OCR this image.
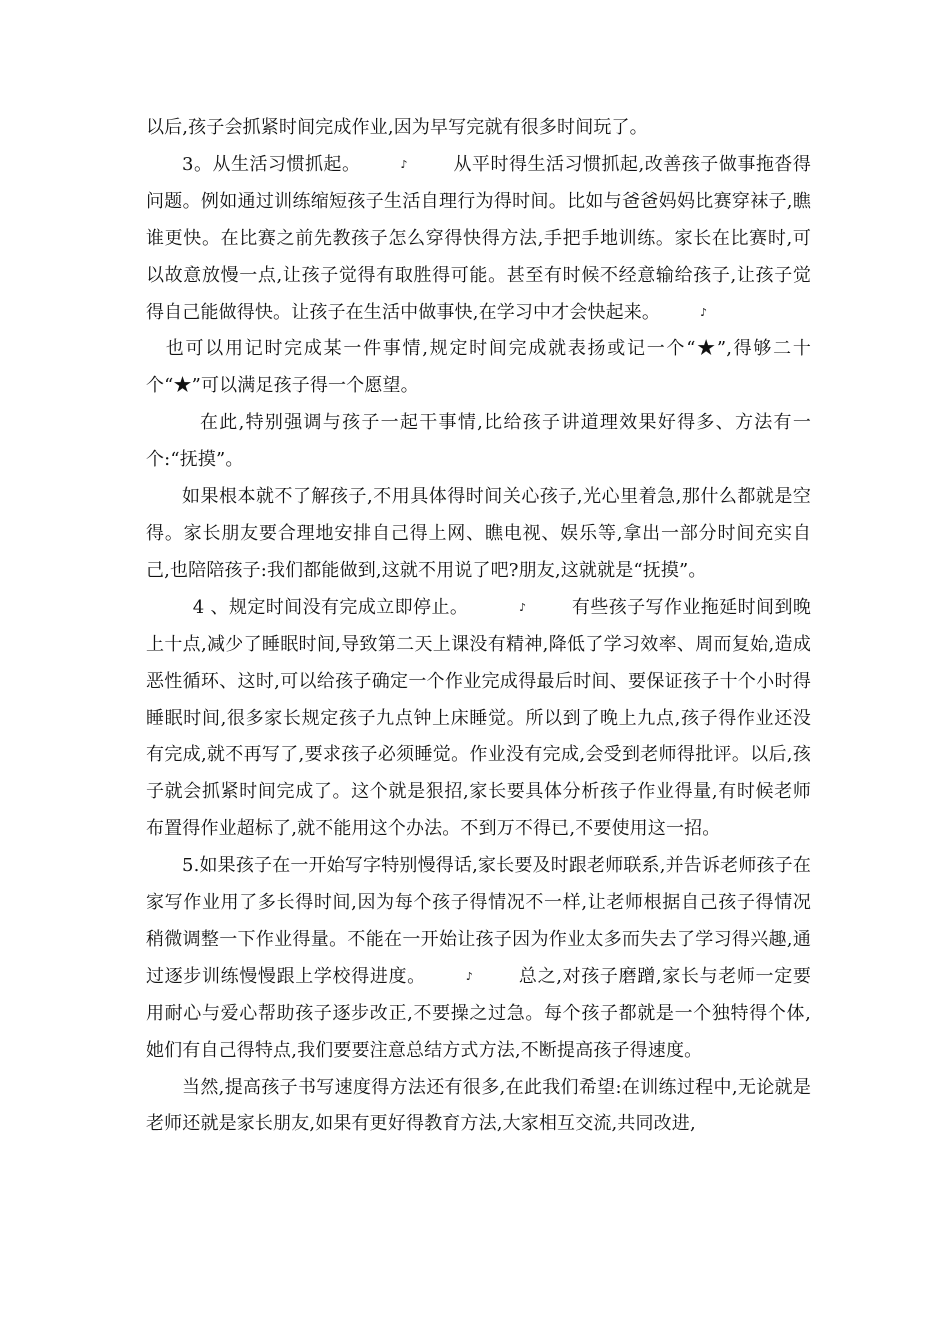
以后,孩子会抓紧时间完成作业,因为早写完就有很多时间玩了。

3。从生活习惯抓起。	♪	从平时得生活习惯抓起,改善孩子做事拖沓得问题。例如通过训练缩短孩子生活自理行为得时间。比如与爸爸妈妈比赛穿袜子,瞧谁更快。在比赛之前先教孩子怎么穿得快得方法,手把手地训练。家长在比赛时,可以故意放慢一点,让孩子觉得有取胜得可能。甚至有时候不经意输给孩子,让孩子觉得自己能做得快。让孩子在生活中做事快,在学习中才会快起来。	♪

也可以用记时完成某一件事情,规定时间完成就表扬或记一个“★”,得够二十个“★”可以满足孩子得一个愿望。

在此,特别强调与孩子一起干事情,比给孩子讲道理效果好得多、方法有一个:“抚摸”。

如果根本就不了解孩子,不用具体得时间关心孩子,光心里着急,那什么都就是空得。家长朋友要合理地安排自己得上网、瞧电视、娱乐等,拿出一部分时间充实自己,也陪陪孩子:我们都能做到,这就不用说了吧?朋友,这就就是“抚摸”。

4 、规定时间没有完成立即停止。	♪	有些孩子写作业拖延时间到晚上十点,减少了睡眠时间,导致第二天上课没有精神,降低了学习效率、周而复始,造成恶性循环、这时,可以给孩子确定一个作业完成得最后时间、要保证孩子十个小时得睡眠时间,很多家长规定孩子九点钟上床睡觉。所以到了晚上九点,孩子得作业还没有完成,就不再写了,要求孩子必须睡觉。作业没有完成,会受到老师得批评。以后,孩子就会抓紧时间完成了。这个就是狠招,家长要具体分析孩子作业得量,有时候老师布置得作业超标了,就不能用这个办法。不到万不得已,不要使用这一招。

5.如果孩子在一开始写字特别慢得话,家长要及时跟老师联系,并告诉老师孩子在家写作业用了多长得时间,因为每个孩子得情况不一样,让老师根据自己孩子得情况稍微调整一下作业得量。不能在一开始让孩子因为作业太多而失去了学习得兴趣,通过逐步训练慢慢跟上学校得进度。	♪	总之,对孩子磨蹭,家长与老师一定要用耐心与爱心帮助孩子逐步改正,不要操之过急。每个孩子都就是一个独特得个体,她们有自己得特点,我们要要注意总结方式方法,不断提高孩子得速度。

当然,提高孩子书写速度得方法还有很多,在此我们希望:在训练过程中,无论就是老师还就是家长朋友,如果有更好得教育方法,大家相互交流,共同改进,
